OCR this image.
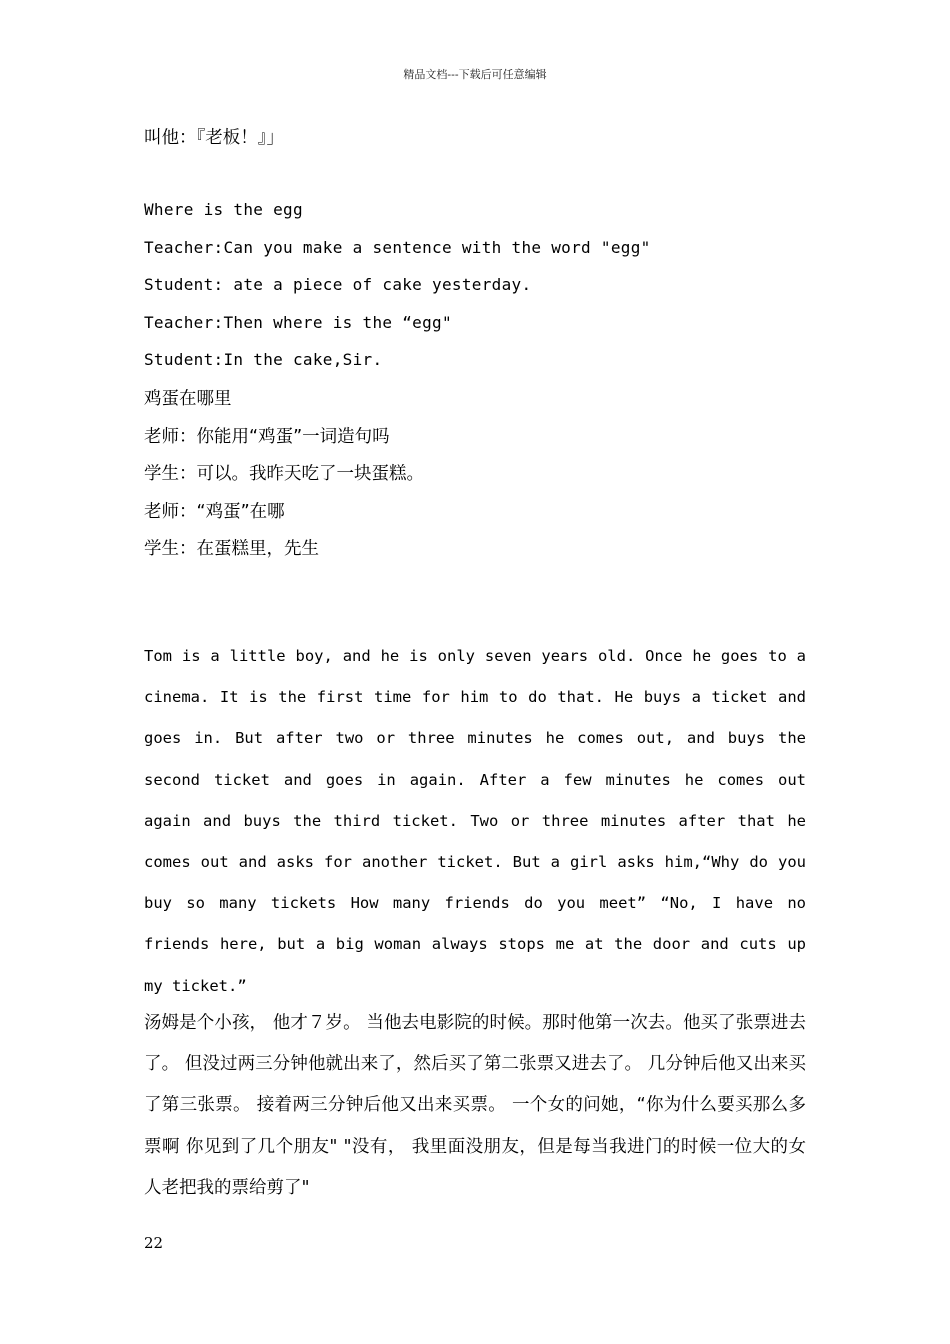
精品文档---下载后可任意编辑
叫他：『老板！』」
Where is the egg
Teacher:Can you make a sentence with the word "egg"
Student: ate a piece of cake yesterday.
Teacher:Then where is the “egg"
Student:In the cake,Sir.
鸡蛋在哪里
老师：你能用“鸡蛋”一词造句吗
学生：可以。我昨天吃了一块蛋糕。
老师：“鸡蛋”在哪
学生：在蛋糕里，先生

Tom is a little boy, and he is only seven years old. Once he goes to a cinema. It is the first time for him to do that. He buys a ticket and goes in. But after two or three minutes he comes out, and buys the second ticket and goes in again. After a few minutes he comes out again and buys the third ticket. Two or three minutes after that he comes out and asks for another ticket. But a girl asks him,“Why do you buy so many tickets How many friends do you meet” “No, I have no friends here, but a big woman always stops me at the door and cuts up my ticket.”

汤姆是个小孩， 他才７岁。 当他去电影院的时候。那时他第一次去。他买了张票进去了。 但没过两三分钟他就出来了，然后买了第二张票又进去了。 几分钟后他又出来买了第三张票。 接着两三分钟后他又出来买票。 一个女的问她，“你为什么要买那么多票啊 你见到了几个朋友" "没有， 我里面没朋友，但是每当我进门的时候一位大的女人老把我的票给剪了"

22
